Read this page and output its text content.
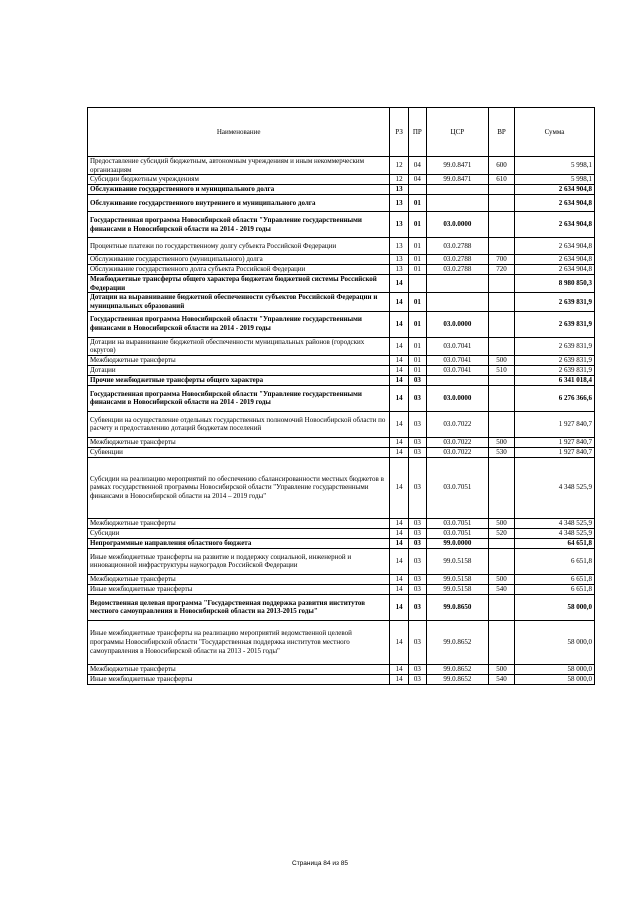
Наименование	РЗ	ПР	ЦСР	ВР	Сумма
Предоставление субсидий бюджетным, автономным учреждениям и иным некоммерческим организациям	12	04	99.0.8471	600	5 998,1
Субсидии бюджетным учреждениям	12	04	99.0.8471	610	5 998,1
Обслуживание государственного и муниципального долга	13				2 634 904,8
Обслуживание государственного внутреннего и муниципального долга	13	01			2 634 904,8
Государственная программа Новосибирской области "Управление государственными финансами в Новосибирской области на 2014 - 2019 годы	13	01	03.0.0000		2 634 904,8
Процентные платежи по государственному долгу субъекта Российской Федерации	13	01	03.0.2788		2 634 904,8
Обслуживание государственного (муниципального) долга	13	01	03.0.2788	700	2 634 904,8
Обслуживание государственного долга субъекта Российской Федерации	13	01	03.0.2788	720	2 634 904,8
Межбюджетные трансферты общего характера бюджетам бюджетной системы Российской Федерации	14				8 980 850,3
Дотации на выравнивание бюджетной обеспеченности субъектов Российской Федерации и муниципальных образований	14	01			2 639 831,9
Государственная программа Новосибирской области "Управление государственными финансами в Новосибирской области на 2014 - 2019 годы	14	01	03.0.0000		2 639 831,9
Дотации на выравнивание бюджетной обеспеченности муниципальных районов (городских округов)	14	01	03.0.7041		2 639 831,9
Межбюджетные трансферты	14	01	03.0.7041	500	2 639 831,9
Дотации	14	01	03.0.7041	510	2 639 831,9
Прочие межбюджетные трансферты общего характера	14	03			6 341 018,4
Государственная программа Новосибирской области "Управление государственными финансами в Новосибирской области на 2014 - 2019 годы	14	03	03.0.0000		6 276 366,6
Субвенции на осуществление отдельных государственных полномочий Новосибирской области по расчету и предоставлению дотаций бюджетам поселений	14	03	03.0.7022		1 927 840,7
Межбюджетные трансферты	14	03	03.0.7022	500	1 927 840,7
Субвенции	14	03	03.0.7022	530	1 927 840,7
Субсидии на реализацию мероприятий по обеспечению сбалансированности местных бюджетов в рамках государственной программы Новосибирской области "Управление государственными финансами в Новосибирской области на 2014 – 2019 годы"	14	03	03.0.7051		4 348 525,9
Межбюджетные трансферты	14	03	03.0.7051	500	4 348 525,9
Субсидии	14	03	03.0.7051	520	4 348 525,9
Непрограммные направления областного бюджета	14	03	99.0.0000		64 651,8
Иные межбюджетные трансферты на развитие и поддержку социальной, инженерной и инновационной инфраструктуры наукоградов Российской Федерации	14	03	99.0.5158		6 651,8
Межбюджетные трансферты	14	03	99.0.5158	500	6 651,8
Иные межбюджетные трансферты	14	03	99.0.5158	540	6 651,8
Ведомственная целевая программа "Государственная поддержка развития институтов местного самоуправления в Новосибирской области на 2013-2015 годы"	14	03	99.0.8650		58 000,0
Иные межбюджетные трансферты на реализацию мероприятий ведомственной целевой программы Новосибирской области "Государственная поддержка институтов местного самоуправления в Новосибирской области на 2013 - 2015 годы"	14	03	99.0.8652		58 000,0
Межбюджетные трансферты	14	03	99.0.8652	500	58 000,0
Иные межбюджетные трансферты	14	03	99.0.8652	540	58 000,0
Страница 84 из 85
